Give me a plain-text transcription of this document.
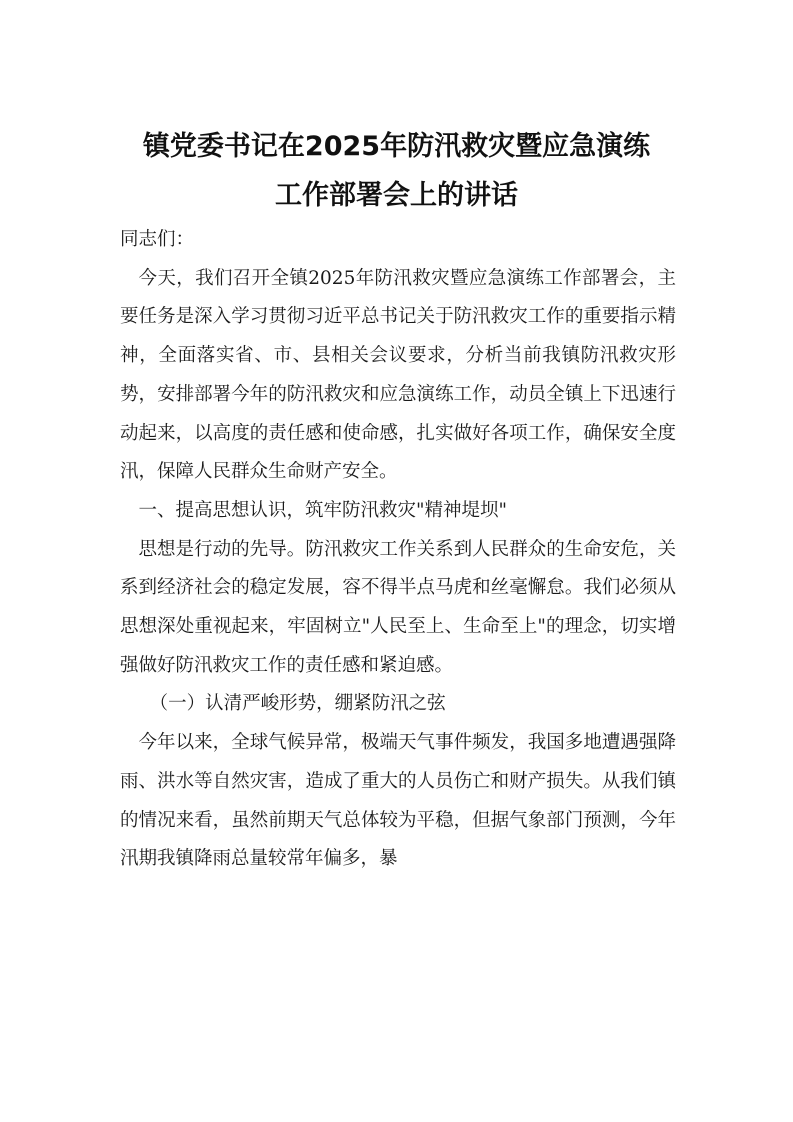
镇党委书记在2025年防汛救灾暨应急演练
工作部署会上的讲话

同志们：

今天，我们召开全镇2025年防汛救灾暨应急演练工作部署会，主要任务是深入学习贯彻习近平总书记关于防汛救灾工作的重要指示精神，全面落实省、市、县相关会议要求，分析当前我镇防汛救灾形势，安排部署今年的防汛救灾和应急演练工作，动员全镇上下迅速行动起来，以高度的责任感和使命感，扎实做好各项工作，确保安全度汛，保障人民群众生命财产安全。

一、提高思想认识，筑牢防汛救灾"精神堤坝"

思想是行动的先导。防汛救灾工作关系到人民群众的生命安危，关系到经济社会的稳定发展，容不得半点马虎和丝毫懈怠。我们必须从思想深处重视起来，牢固树立"人民至上、生命至上"的理念，切实增强做好防汛救灾工作的责任感和紧迫感。

（一）认清严峻形势，绷紧防汛之弦

今年以来，全球气候异常，极端天气事件频发，我国多地遭遇强降雨、洪水等自然灾害，造成了重大的人员伤亡和财产损失。从我们镇的情况来看，虽然前期天气总体较为平稳，但据气象部门预测，今年汛期我镇降雨总量较常年偏多，暴
